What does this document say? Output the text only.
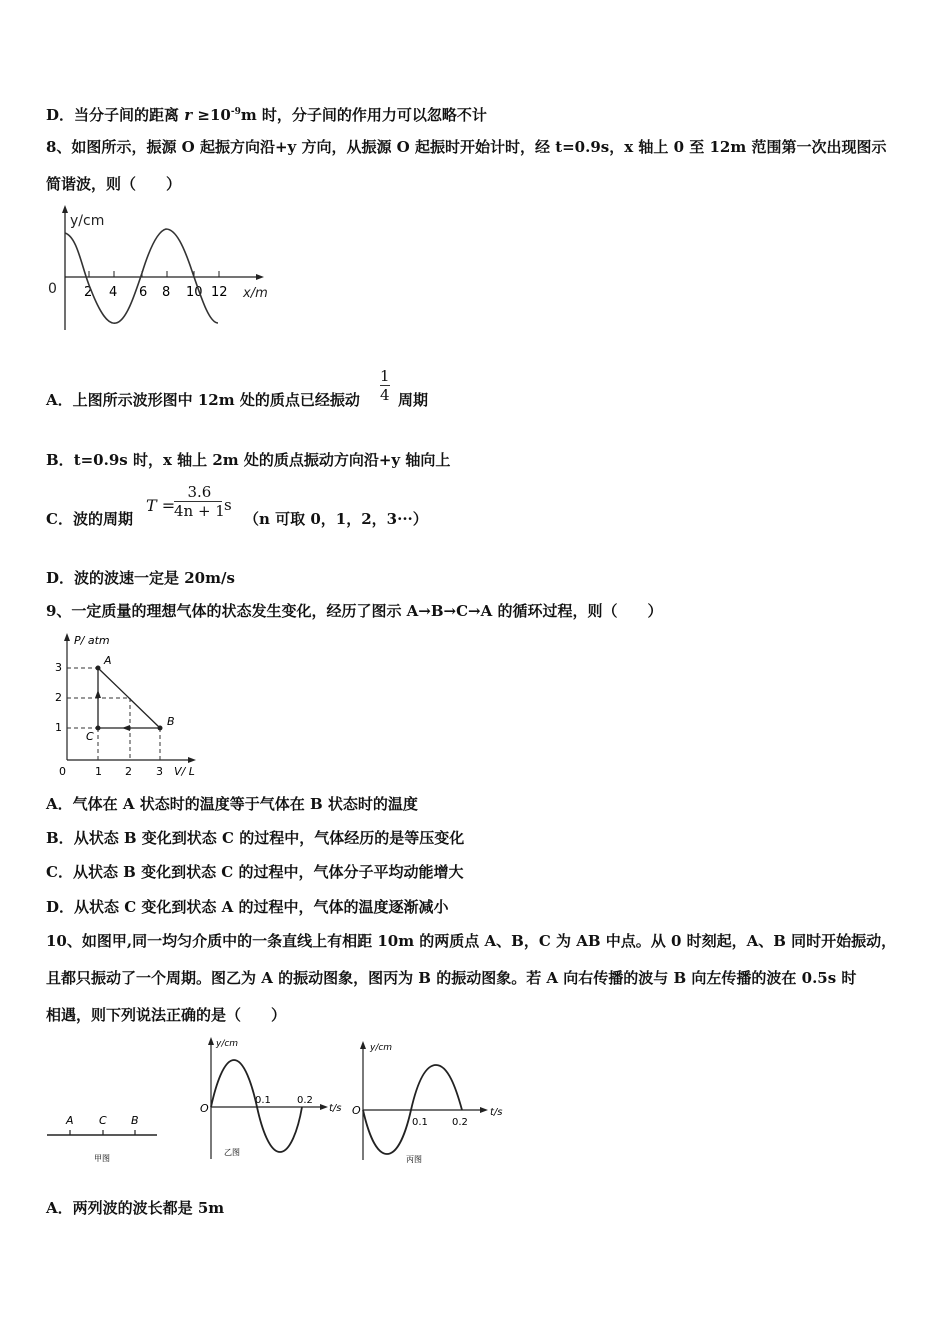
D．当分子间的距离 $r \ge 10^{-9}m$ 时，分子间的作用力可以忽略不计
8、如图所示，振源 O 起振方向沿+y 方向，从振源 O 起振时开始计时，经 t=0.9s，x 轴上 0 至 12m 范围第一次出现图示
简谐波，则（　　）
y/cm
x/m
0 2 4 6 8 10 12
A．上图所示波形图中 12m 处的质点已经振动
1
4 周期
B．t=0.9s 时，x 轴上 2m 处的质点振动方向沿+y 轴向上
C．波的周期
T =
3.6
4n + 1 s
（n 可取 0，1，2，3···）
D．波的波速一定是 20m/s
9、一定质量的理想气体的状态发生变化，经历了图示 A→B→C→A 的循环过程，则（　　）
P/ atm
V/ L
0
3
2
1
1 2 3
A
B
C
A．气体在 A 状态时的温度等于气体在 B 状态时的温度
B．从状态 B 变化到状态 C 的过程中，气体经历的是等压变化
C．从状态 B 变化到状态 C 的过程中，气体分子平均动能增大
D．从状态 C 变化到状态 A 的过程中，气体的温度逐渐减小
10、如图甲,同一均匀介质中的一条直线上有相距 10m 的两质点 A、B，C 为 AB 中点。从 0 时刻起，A、B 同时开始振动，
且都只振动了一个周期。图乙为 A 的振动图象，图丙为 B 的振动图象。若 A 向右传播的波与 B 向左传播的波在 0.5s 时
相遇，则下列说法正确的是（　　）
A C B
甲图
y/cm
t/s
O
0.1	0.2
乙图
y/cm
t/s
O
0.1 0.2
丙图
A．两列波的波长都是 5m
